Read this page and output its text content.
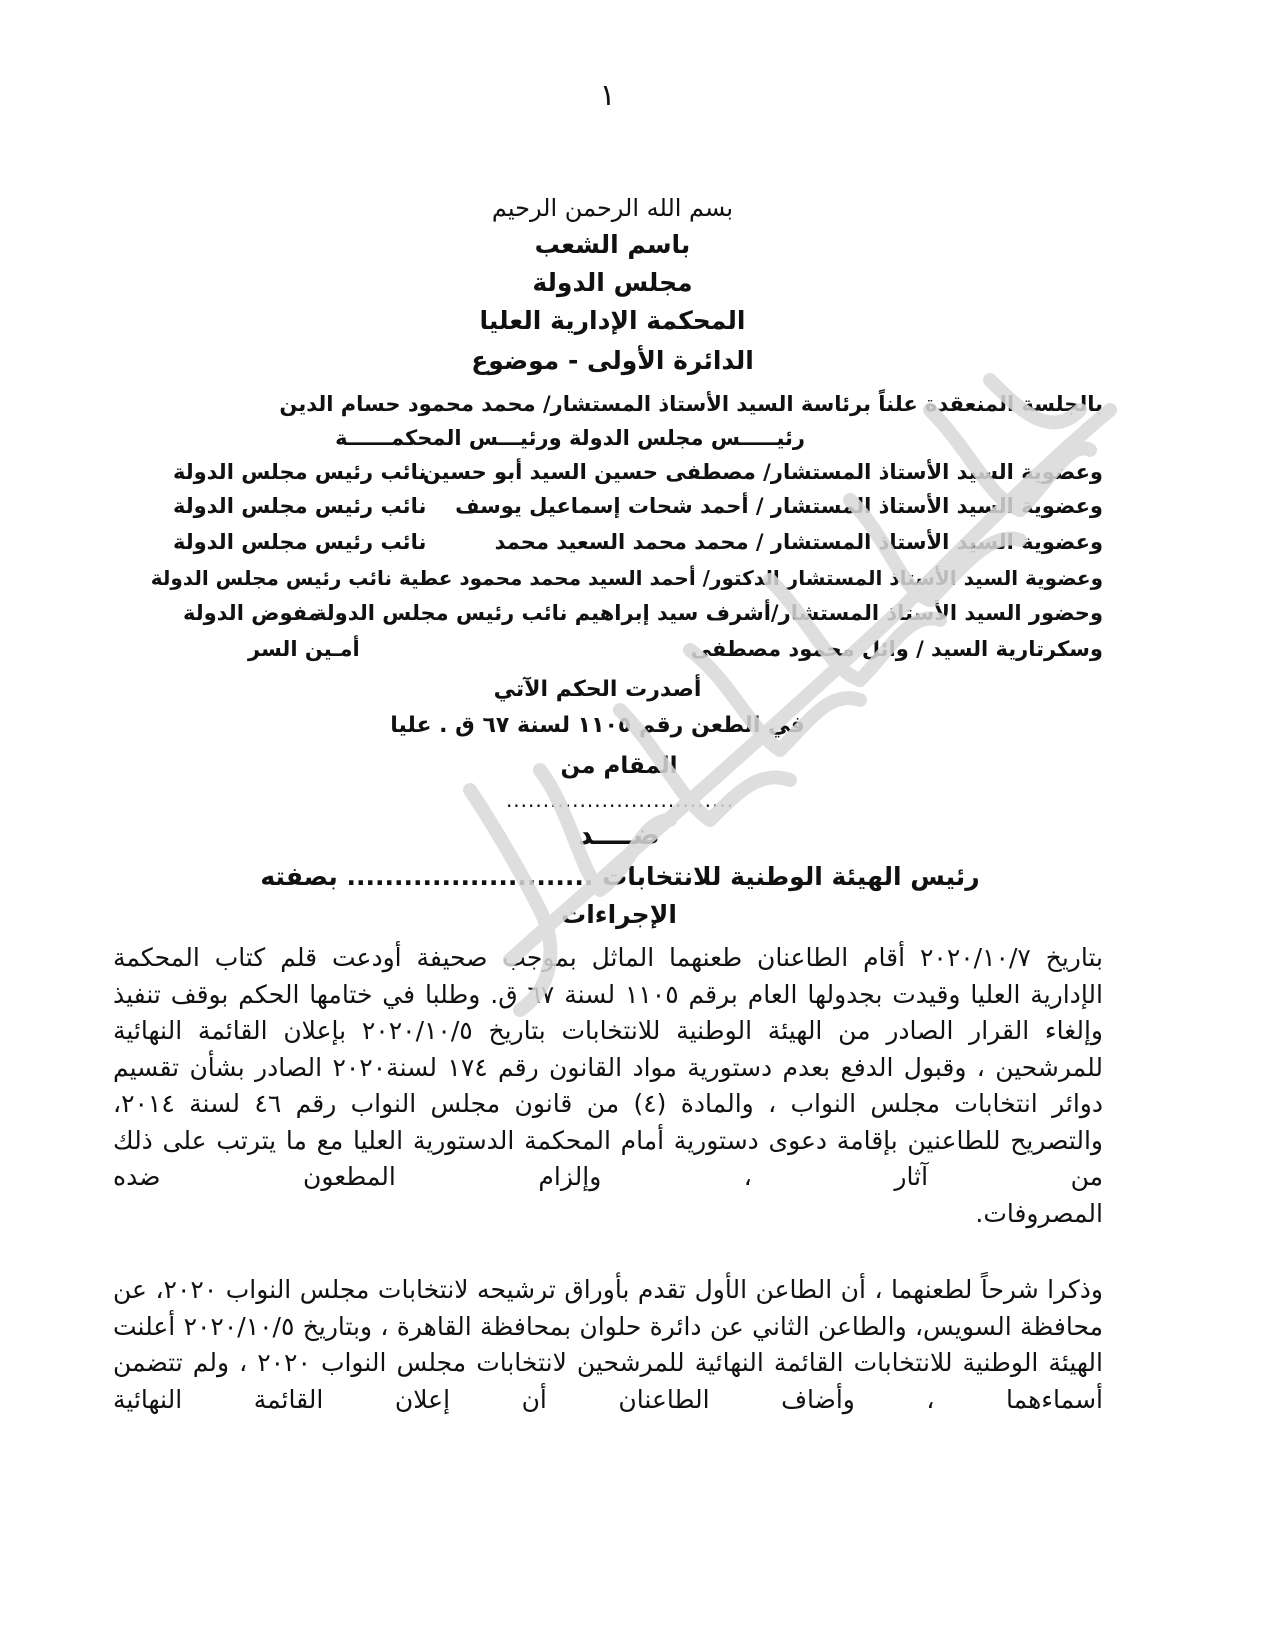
١
بسم الله الرحمن الرحيم
باسم الشعب
مجلس الدولة
المحكمة الإدارية العليا
الدائرة الأولى - موضوع
بالجلسة المنعقدة علناً برئاسة السيد الأستاذ المستشار/ محمد محمود حسام الدين
رئيـــــس مجلس الدولة ورئيـــس المحكمــــــة
وعضوية السيد الأستاذ المستشار/ مصطفى حسين السيد أبو حسين
نائب رئيس مجلس الدولة
وعضوية السيد الأستاذ المستشار / أحمد شحات إسماعيل يوسف
نائب رئيس مجلس الدولة
وعضوية السيد الأستاذ المستشار / محمد محمد السعيد محمد
نائب رئيس مجلس الدولة
وعضوية السيد الأستاذ المستشار الدكتور/ أحمد السيد محمد محمود عطية نائب رئيس مجلس الدولة
وحضور السيد الأستاذ المستشار/أشرف سيد إبراهيم نائب رئيس مجلس الدولة
مفوض الدولة
وسكرتارية السيد / وائل محمود مصطفى
أمـين السر
أصدرت الحكم الآتي
في الطعن رقم ١١٠٥ لسنة ٦٧ ق . عليا
المقام من
...............................
ضــــد
رئيس الهيئة الوطنية للانتخابات .......................... بصفته
الإجراءات
بتاريخ ٢٠٢٠/١٠/٧ أقام الطاعنان طعنهما الماثل بموجب صحيفة أودعت قلم كتاب المحكمة الإدارية العليا وقيدت بجدولها العام برقم ١١٠٥ لسنة ٦٧ ق. وطلبا في ختامها الحكم بوقف تنفيذ وإلغاء القرار الصادر من الهيئة الوطنية للانتخابات بتاريخ ٢٠٢٠/١٠/٥ بإعلان القائمة النهائية للمرشحين ، وقبول الدفع بعدم دستورية مواد القانون رقم ١٧٤ لسنة٢٠٢٠ الصادر بشأن تقسيم دوائر انتخابات مجلس النواب ، والمادة (٤) من قانون مجلس النواب رقم ٤٦ لسنة ٢٠١٤، والتصريح للطاعنين بإقامة دعوى دستورية أمام المحكمة الدستورية العليا مع ما يترتب على ذلك من آثار ، وإلزام المطعون ضده
المصروفات.
وذكرا شرحاً لطعنهما ، أن الطاعن الأول تقدم بأوراق ترشيحه لانتخابات مجلس النواب ٢٠٢٠، عن محافظة السويس، والطاعن الثاني عن دائرة حلوان بمحافظة القاهرة ، وبتاريخ ٢٠٢٠/١٠/٥ أعلنت الهيئة الوطنية للانتخابات القائمة النهائية للمرشحين لانتخابات مجلس النواب ٢٠٢٠ ، ولم تتضمن أسماءهما ، وأضاف الطاعنان أن إعلان القائمة النهائية
